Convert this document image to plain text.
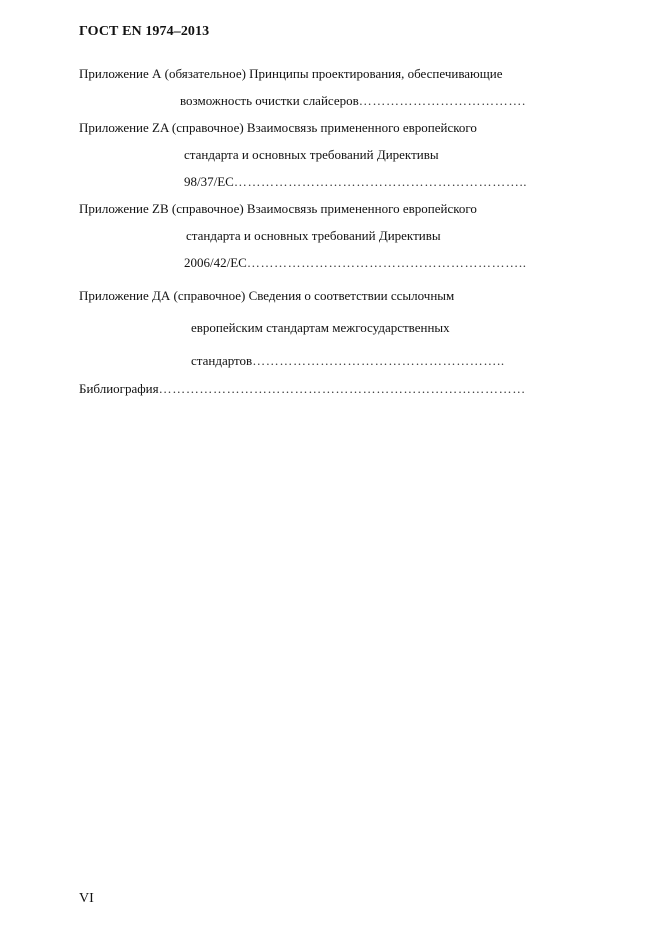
ГОСТ EN 1974–2013
Приложение А (обязательное) Принципы проектирования, обеспечивающие
возможность очистки слайсеров……………………………….
Приложение ZA (справочное) Взаимосвязь примененного европейского
стандарта и основных требований Директивы
98/37/ЕС………………………………………………………..
Приложение ZB (справочное) Взаимосвязь примененного европейского
стандарта и основных требований Директивы
2006/42/ЕС……………………………………………………..
Приложение ДА (справочное) Сведения о соответствии ссылочным
европейским стандартам межгосударственных
стандартов………………………………………………..
Библиография………………………………………………………………………
VI
